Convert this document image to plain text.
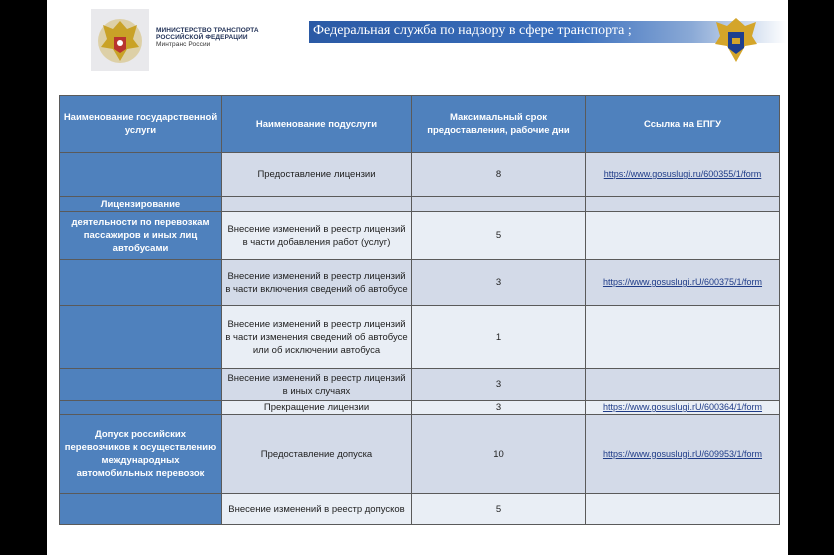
МИНИСТЕРСТВО ТРАНСПОРТА
РОССИЙСКОЙ ФЕДЕРАЦИИ
Минтранс России
Федеральная служба по надзору в сфере транспорта ;
Наименование государственной услуги	Наименование подуслуги	Максимальный срок предоставления, рабочие дни	Ссылка на ЕПГУ
	Предоставление лицензии	8	https://www.gosuslugi.ru/600355/1/form
Лицензирование			
деятельности по перевозкам пассажиров и иных лиц автобусами	Внесение изменений в реестр лицензий в части добавления работ (услуг)	5	
	Внесение изменений в реестр лицензий в части включения сведений об автобусе	3	https://www.gosuslugi.rU/600375/1/form
	Внесение изменений в реестр лицензий в части изменения сведений об автобусе или об исключении автобуса	1	
	Внесение изменений в реестр лицензий в иных случаях	3	
	Прекращение лицензии	3	https://www.gosuslugi.rU/600364/1/form
Допуск российских перевозчиков к осуществлению международных автомобильных перевозок	Предоставление допуска	10	https://www.gosuslugi.rU/609953/1/form
	Внесение изменений в реестр допусков	5	
